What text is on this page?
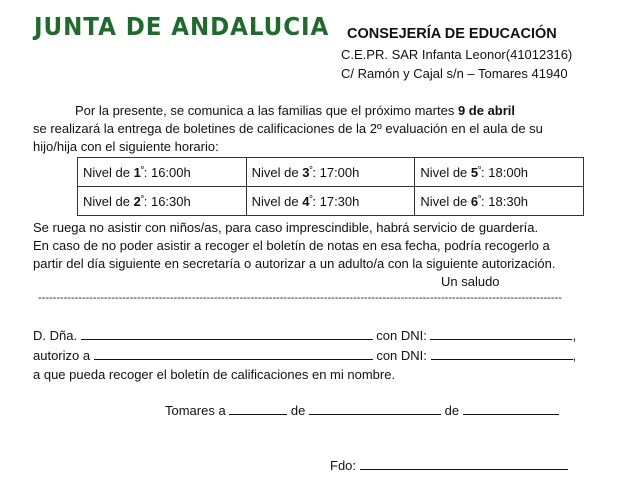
JUNTA DE ANDALUCIA CONSEJERÍA DE EDUCACIÓN
C.E.PR. SAR Infanta Leonor(41012316)
C/ Ramón y Cajal s/n – Tomares 41940
Por la presente, se comunica a las familias que el próximo martes 9 de abril
se realizará la entrega de boletines de calificaciones de la 2º evaluación en el aula de su
hijo/hija con el siguiente horario:
Nivel de $1^º$: 16:00h	Nivel de $3^º$: 17:00h	Nivel de $5^º$: 18:00h
Nivel de $2^º$: 16:30h	Nivel de $4^º$: 17:30h	Nivel de $6^º$: 18:30h
Se ruega no asistir con niños/as, para caso imprescindible, habrá servicio de guardería.
En caso de no poder asistir a recoger el boletín de notas en esa fecha, podría recogerlo a
partir del día siguiente en secretaría o autorizar a un adulto/a con la siguiente autorización.
Un saludo
-----------------------------------------------------------------------------------------------------------------------------------------------
D. Dña.	con DNI:	,
autorizo a	con DNI:	,
a que pueda recoger el boletín de calificaciones en mi nombre.
Tomares a	de	de
Fdo:
